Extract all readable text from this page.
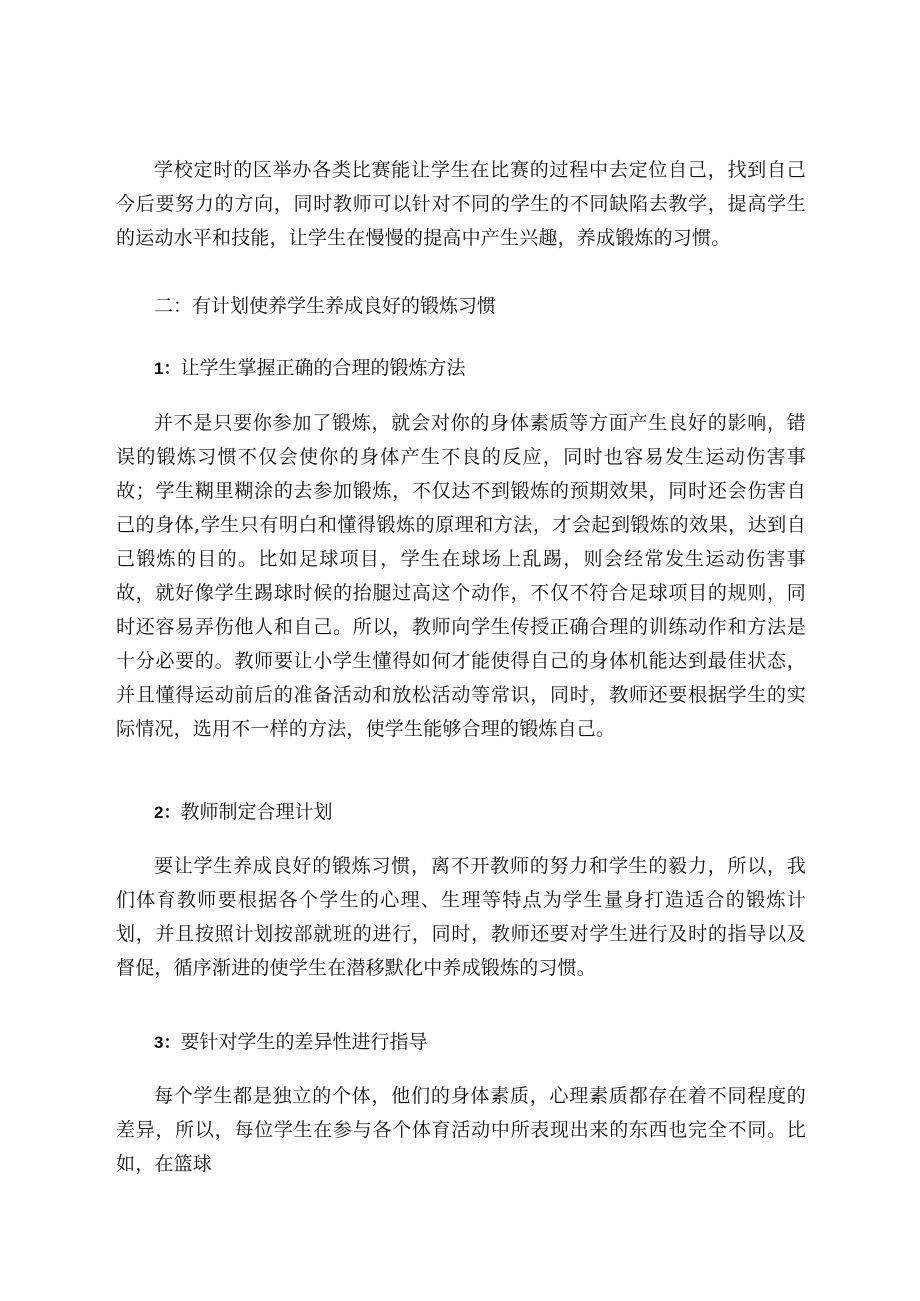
学校定时的区举办各类比赛能让学生在比赛的过程中去定位自己，找到自己今后要努力的方向，同时教师可以针对不同的学生的不同缺陷去教学，提高学生的运动水平和技能，让学生在慢慢的提高中产生兴趣，养成锻炼的习惯。

二：有计划使养学生养成良好的锻炼习惯

1：让学生掌握正确的合理的锻炼方法

并不是只要你参加了锻炼，就会对你的身体素质等方面产生良好的影响，错误的锻炼习惯不仅会使你的身体产生不良的反应，同时也容易发生运动伤害事故；学生糊里糊涂的去参加锻炼，不仅达不到锻炼的预期效果，同时还会伤害自己的身体,学生只有明白和懂得锻炼的原理和方法，才会起到锻炼的效果，达到自己锻炼的目的。比如足球项目，学生在球场上乱踢，则会经常发生运动伤害事故，就好像学生踢球时候的抬腿过高这个动作，不仅不符合足球项目的规则，同时还容易弄伤他人和自己。所以，教师向学生传授正确合理的训练动作和方法是十分必要的。教师要让小学生懂得如何才能使得自己的身体机能达到最佳状态，并且懂得运动前后的准备活动和放松活动等常识，同时，教师还要根据学生的实际情况，选用不一样的方法，使学生能够合理的锻炼自己。

2：教师制定合理计划

要让学生养成良好的锻炼习惯，离不开教师的努力和学生的毅力，所以，我们体育教师要根据各个学生的心理、生理等特点为学生量身打造适合的锻炼计划，并且按照计划按部就班的进行，同时，教师还要对学生进行及时的指导以及督促，循序渐进的使学生在潜移默化中养成锻炼的习惯。

3：要针对学生的差异性进行指导

每个学生都是独立的个体，他们的身体素质，心理素质都存在着不同程度的差异，所以，每位学生在参与各个体育活动中所表现出来的东西也完全不同。比如，在篮球
